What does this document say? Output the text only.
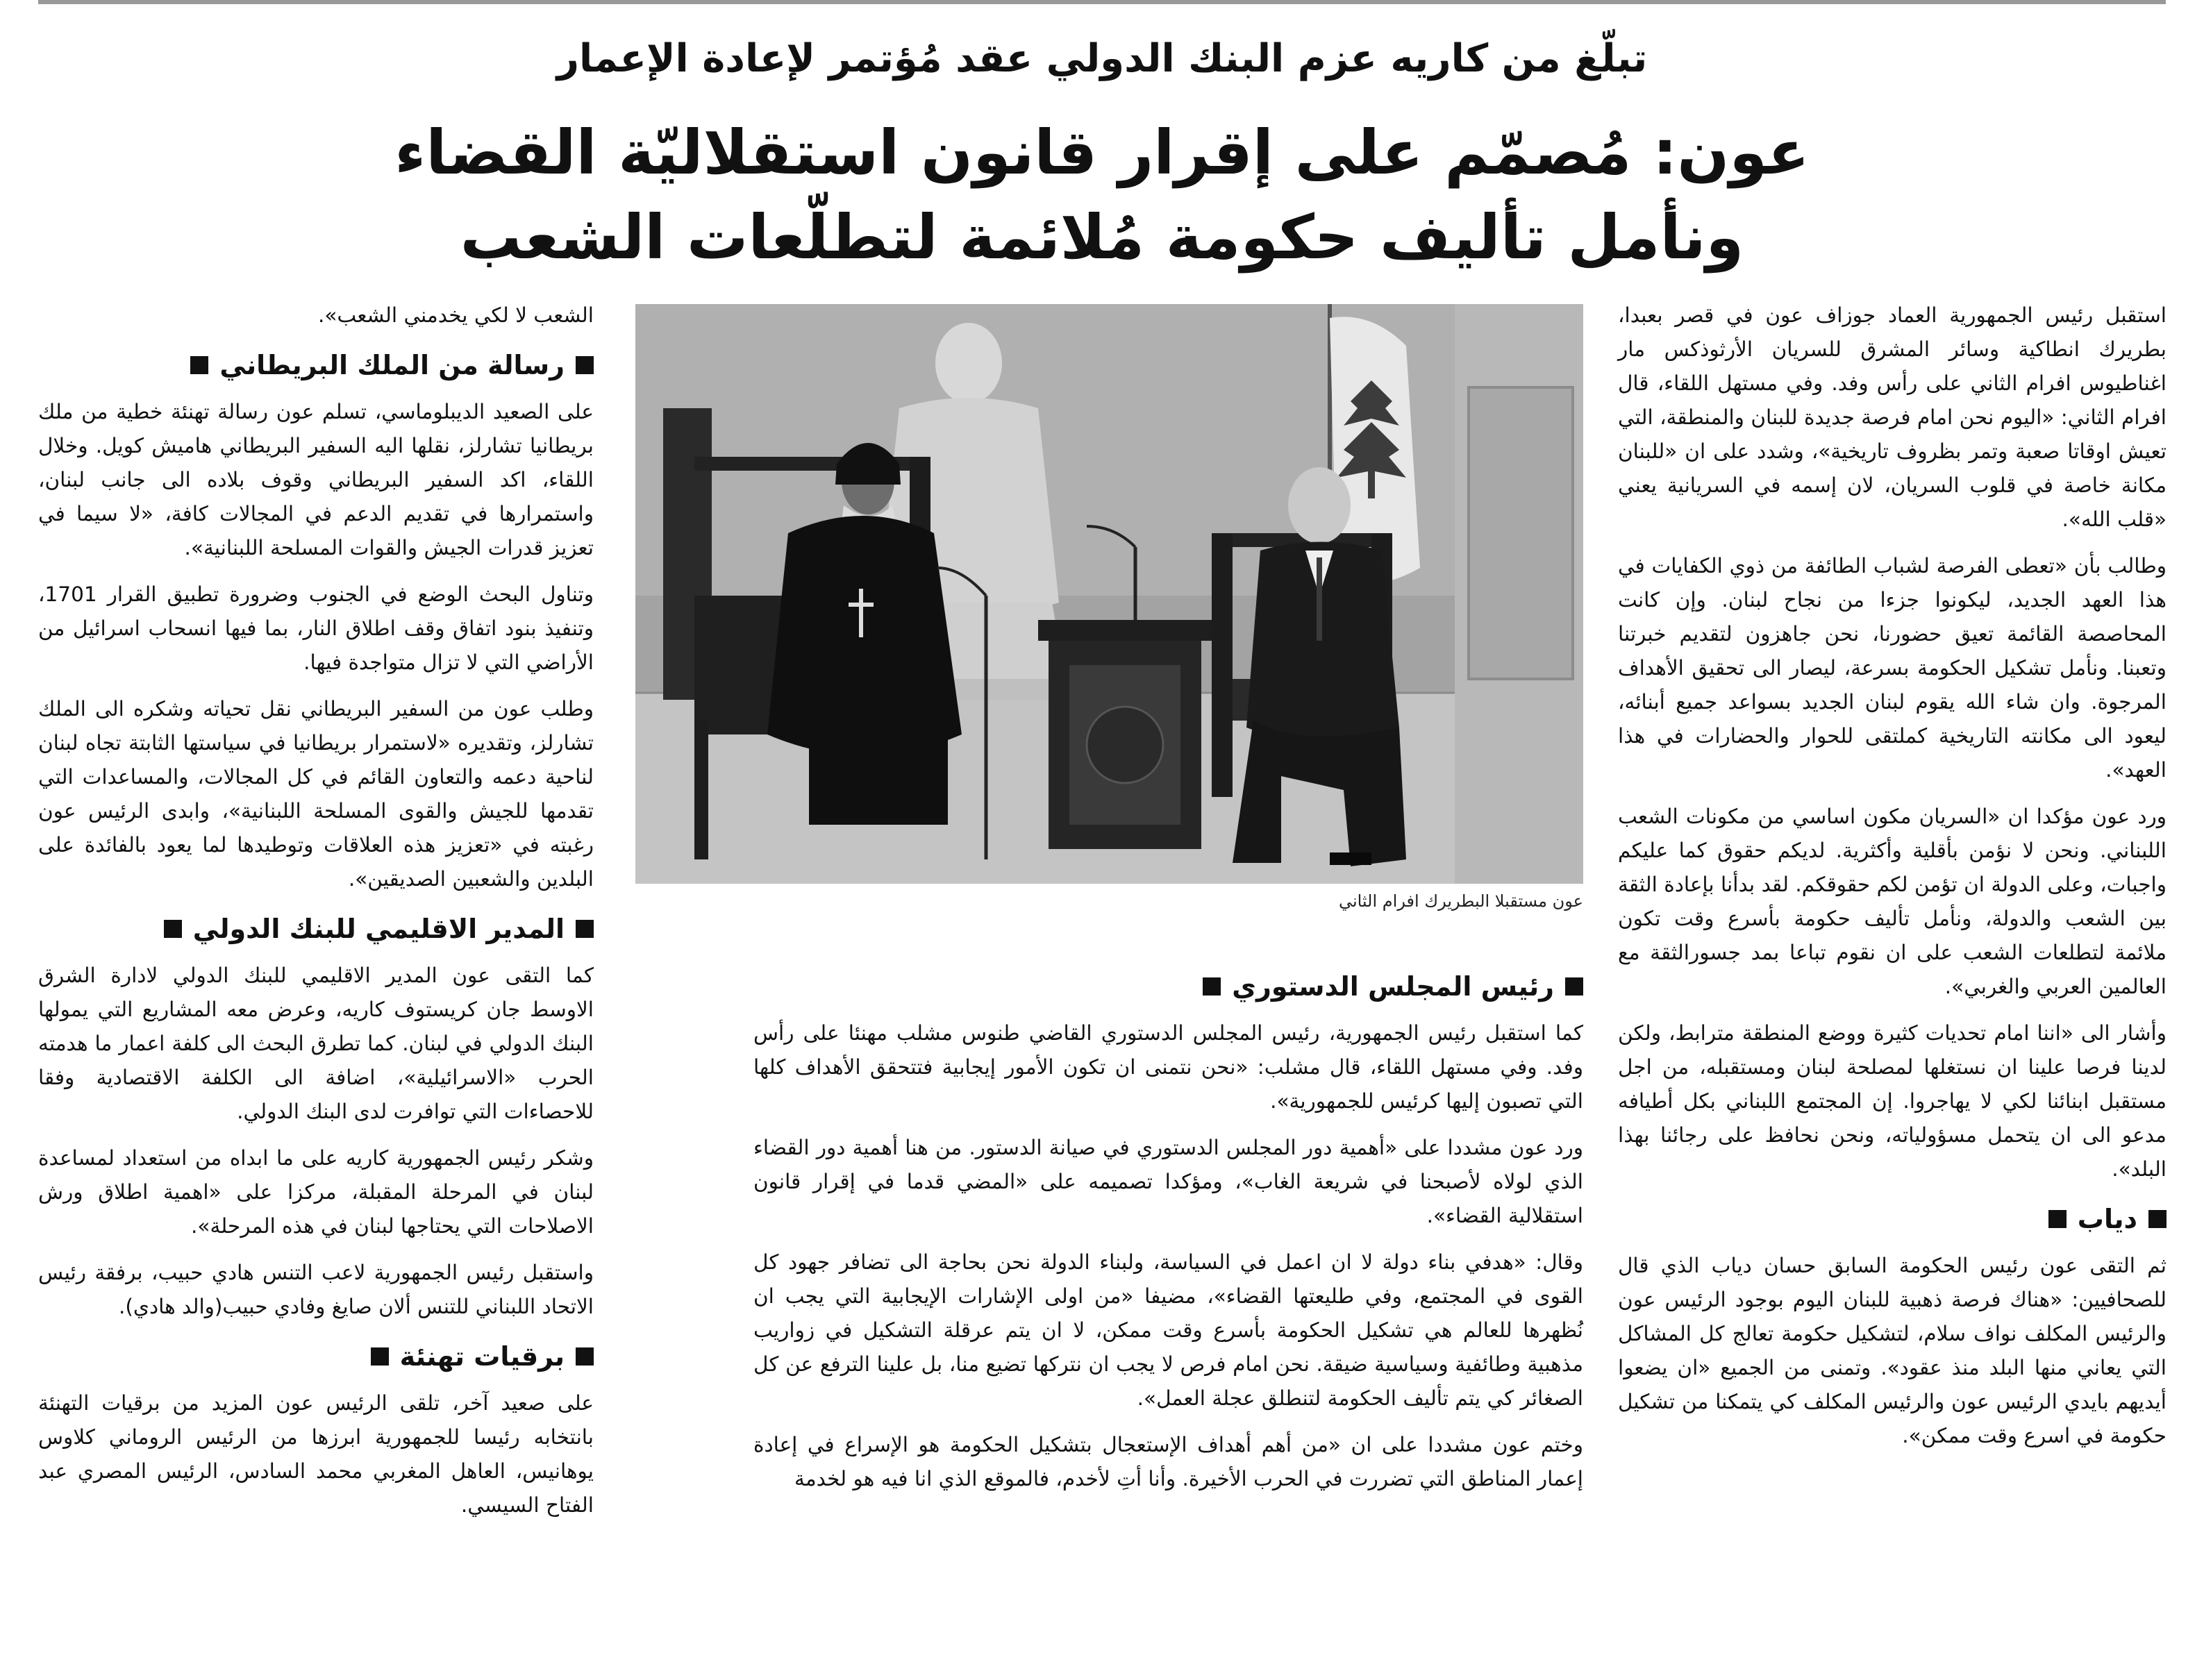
تبلّغ من كاريه عزم البنك الدولي عقد مُؤتمر لإعادة الإعمار
عون: مُصمّم على إقرار قانون استقلاليّة القضاء
ونأمل تأليف حكومة مُلائمة لتطلّعات الشعب

استقبل رئيس الجمهورية العماد جوزاف عون في قصر بعبدا، بطريرك انطاكية وسائر المشرق للسريان الأرثوذكس مار اغناطيوس افرام الثاني على رأس وفد. وفي مستهل اللقاء، قال افرام الثاني: «اليوم نحن امام فرصة جديدة للبنان والمنطقة، التي تعيش اوقاتا صعبة وتمر بظروف تاريخية»، وشدد على ان «للبنان مكانة خاصة في قلوب السريان، لان إسمه في السريانية يعني «قلب الله».

وطالب بأن «تعطى الفرصة لشباب الطائفة من ذوي الكفايات في هذا العهد الجديد، ليكونوا جزءا من نجاح لبنان. وإن كانت المحاصصة القائمة تعيق حضورنا، نحن جاهزون لتقديم خبرتنا وتعبنا. ونأمل تشكيل الحكومة بسرعة، ليصار الى تحقيق الأهداف المرجوة. وان شاء الله يقوم لبنان الجديد بسواعد جميع أبنائه، ليعود الى مكانته التاريخية كملتقى للحوار والحضارات في هذا العهد».

ورد عون مؤكدا ان «السريان مكون اساسي من مكونات الشعب اللبناني. ونحن لا نؤمن بأقلية وأكثرية. لديكم حقوق كما عليكم واجبات، وعلى الدولة ان تؤمن لكم حقوقكم. لقد بدأنا بإعادة الثقة بين الشعب والدولة، ونأمل تأليف حكومة بأسرع وقت تكون ملائمة لتطلعات الشعب على ان نقوم تباعا بمد جسورالثقة مع العالمين العربي والغربي».

وأشار الى «اننا امام تحديات كثيرة ووضع المنطقة مترابط، ولكن لدينا فرصا علينا ان نستغلها لمصلحة لبنان ومستقبله، من اجل مستقبل ابنائنا لكي لا يهاجروا. إن المجتمع اللبناني بكل أطيافه مدعو الى ان يتحمل مسؤولياته، ونحن نحافظ على رجائنا بهذا البلد».

دياب

ثم التقى عون رئيس الحكومة السابق حسان دياب الذي قال للصحافيين: «هناك فرصة ذهبية للبنان اليوم بوجود الرئيس عون والرئيس المكلف نواف سلام، لتشكيل حكومة تعالج كل المشاكل التي يعاني منها البلد منذ عقود». وتمنى من الجميع «ان يضعوا أيديهم بايدي الرئيس عون والرئيس المكلف كي يتمكنا من تشكيل حكومة في اسرع وقت ممكن».

عون مستقبلا البطريرك افرام الثاني
رئيس المجلس الدستوري

كما استقبل رئيس الجمهورية، رئيس المجلس الدستوري القاضي طنوس مشلب مهنئا على رأس وفد. وفي مستهل اللقاء، قال مشلب: «نحن نتمنى ان تكون الأمور إيجابية فتتحقق الأهداف كلها التي تصبون إليها كرئيس للجمهورية».

ورد عون مشددا على «أهمية دور المجلس الدستوري في صيانة الدستور. من هنا أهمية دور القضاء الذي لولاه لأصبحنا في شريعة الغاب»، ومؤكدا تصميمه على «المضي قدما في إقرار قانون استقلالية القضاء».

وقال: «هدفي بناء دولة لا ان اعمل في السياسة، ولبناء الدولة نحن بحاجة الى تضافر جهود كل القوى في المجتمع، وفي طليعتها القضاء»، مضيفا «من اولى الإشارات الإيجابية التي يجب ان نُظهرها للعالم هي تشكيل الحكومة بأسرع وقت ممكن، لا ان يتم عرقلة التشكيل في زواريب مذهبية وطائفية وسياسية ضيقة. نحن امام فرص لا يجب ان نتركها تضيع منا، بل علينا الترفع عن كل الصغائر كي يتم تأليف الحكومة لتنطلق عجلة العمل».

وختم عون مشددا على ان «من أهم أهداف الإستعجال بتشكيل الحكومة هو الإسراع في إعادة إعمار المناطق التي تضررت في الحرب الأخيرة. وأنا أتِ لأخدم، فالموقع الذي انا فيه هو لخدمة

الشعب لا لكي يخدمني الشعب».

رسالة من الملك البريطاني

على الصعيد الديبلوماسي، تسلم عون رسالة تهنئة خطية من ملك بريطانيا تشارلز، نقلها اليه السفير البريطاني هاميش كويل. وخلال اللقاء، اكد السفير البريطاني وقوف بلاده الى جانب لبنان، واستمرارها في تقديم الدعم في المجالات كافة، «لا سيما في تعزيز قدرات الجيش والقوات المسلحة اللبنانية».

وتناول البحث الوضع في الجنوب وضرورة تطبيق القرار 1701، وتنفيذ بنود اتفاق وقف اطلاق النار، بما فيها انسحاب اسرائيل من الأراضي التي لا تزال متواجدة فيها.

وطلب عون من السفير البريطاني نقل تحياته وشكره الى الملك تشارلز، وتقديره «لاستمرار بريطانيا في سياستها الثابتة تجاه لبنان لناحية دعمه والتعاون القائم في كل المجالات، والمساعدات التي تقدمها للجيش والقوى المسلحة اللبنانية»، وابدى الرئيس عون رغبته في «تعزيز هذه العلاقات وتوطيدها لما يعود بالفائدة على البلدين والشعبين الصديقين».

المدير الاقليمي للبنك الدولي

كما التقى عون المدير الاقليمي للبنك الدولي لادارة الشرق الاوسط جان كريستوف كاريه، وعرض معه المشاريع التي يمولها البنك الدولي في لبنان. كما تطرق البحث الى كلفة اعمار ما هدمته الحرب «الاسرائيلية»، اضافة الى الكلفة الاقتصادية وفقا للاحصاءات التي توافرت لدى البنك الدولي.

وشكر رئيس الجمهورية كاريه على ما ابداه من استعداد لمساعدة لبنان في المرحلة المقبلة، مركزا على «اهمية اطلاق ورش الاصلاحات التي يحتاجها لبنان في هذه المرحلة».

واستقبل رئيس الجمهورية لاعب التنس هادي حبيب، برفقة رئيس الاتحاد اللبناني للتنس ألان صايغ وفادي حبيب(والد هادي).

برقيات تهنئة

على صعيد آخر، تلقى الرئيس عون المزيد من برقيات التهنئة بانتخابه رئيسا للجمهورية ابرزها من الرئيس الروماني كلاوس يوهانيس، العاهل المغربي محمد السادس، الرئيس المصري عبد الفتاح السيسي.
